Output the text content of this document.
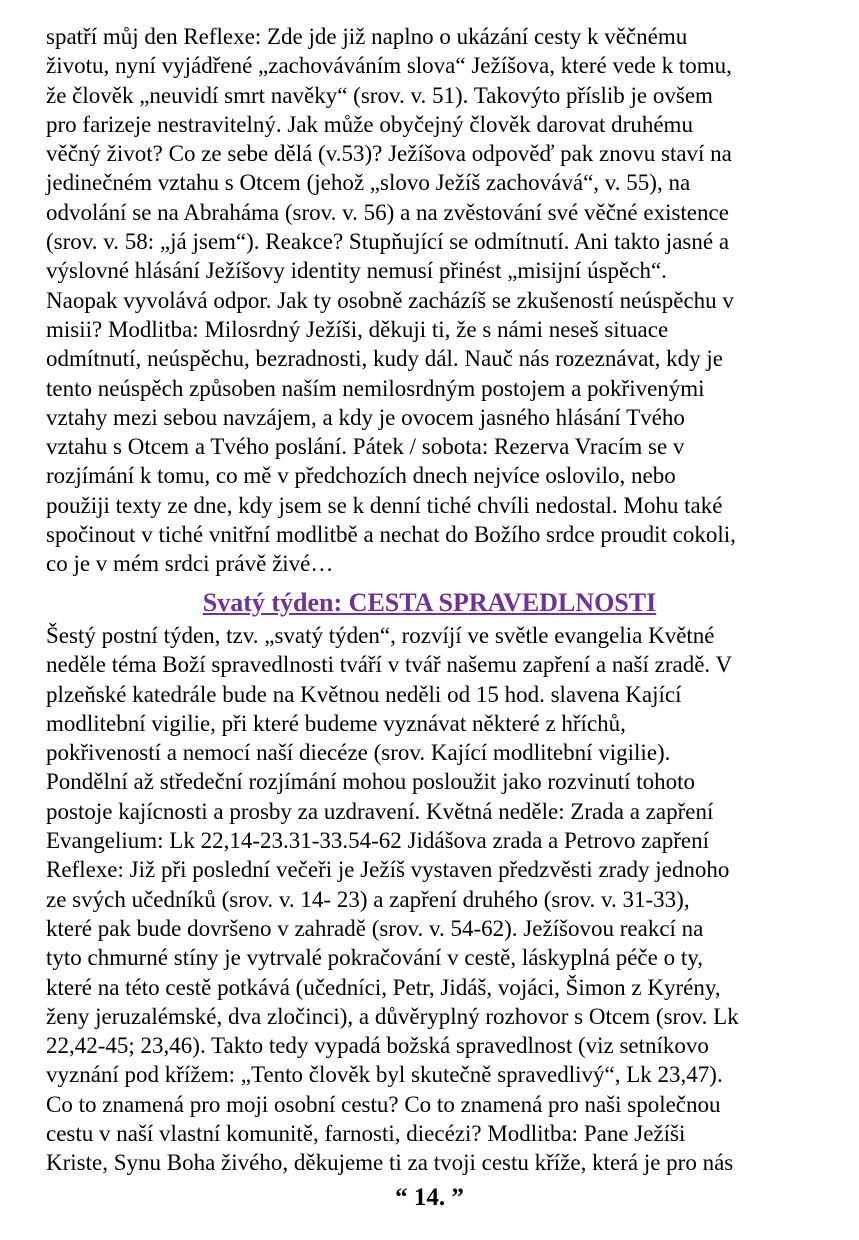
spatří můj den Reflexe: Zde jde již naplno o ukázání cesty k věčnému
životu, nyní vyjádřené „zachováváním slova“ Ježíšova, které vede k tomu,
že člověk „neuvidí smrt navěky“ (srov. v. 51). Takovýto příslib je ovšem
pro farizeje nestravitelný. Jak může obyčejný člověk darovat druhému
věčný život? Co ze sebe dělá (v.53)? Ježíšova odpověď pak znovu staví na
jedinečném vztahu s Otcem (jehož „slovo Ježíš zachovává“, v. 55), na
odvolání se na Abraháma (srov. v. 56) a na zvěstování své věčné existence
(srov. v. 58: „já jsem“). Reakce? Stupňující se odmítnutí. Ani takto jasné a
výslovné hlásání Ježíšovy identity nemusí přinést „misijní úspěch“.
Naopak vyvolává odpor. Jak ty osobně zacházíš se zkušeností neúspěchu v
misii? Modlitba: Milosrdný Ježíši, děkuji ti, že s námi neseš situace
odmítnutí, neúspěchu, bezradnosti, kudy dál. Nauč nás rozeznávat, kdy je
tento neúspěch způsoben naším nemilosrdným postojem a pokřivenými
vztahy mezi sebou navzájem, a kdy je ovocem jasného hlásání Tvého
vztahu s Otcem a Tvého poslání. Pátek / sobota: Rezerva Vracím se v
rozjímání k tomu, co mě v předchozích dnech nejvíce oslovilo, nebo
použiji texty ze dne, kdy jsem se k denní tiché chvíli nedostal. Mohu také
spočinout v tiché vnitřní modlitbě a nechat do Božího srdce proudit cokoli,
co je v mém srdci právě živé…
Svatý týden: CESTA SPRAVEDLNOSTI
Šestý postní týden, tzv. „svatý týden“, rozvíjí ve světle evangelia Květné
neděle téma Boží spravedlnosti tváří v tvář našemu zapření a naší zradě. V
plzeňské katedrále bude na Květnou neděli od 15 hod. slavena Kající
modlitební vigilie, při které budeme vyznávat některé z hříchů,
pokřiveností a nemocí naší diecéze (srov. Kající modlitební vigilie).
Pondělní až středeční rozjímání mohou posloužit jako rozvinutí tohoto
postoje kajícnosti a prosby za uzdravení. Květná neděle: Zrada a zapření
Evangelium: Lk 22,14-23.31-33.54-62 Jidášova zrada a Petrovo zapření
Reflexe: Již při poslední večeři je Ježíš vystaven předzvěsti zrady jednoho
ze svých učedníků (srov. v. 14- 23) a zapření druhého (srov. v. 31-33),
které pak bude dovršeno v zahradě (srov. v. 54-62). Ježíšovou reakcí na
tyto chmurné stíny je vytrvalé pokračování v cestě, láskyplná péče o ty,
které na této cestě potkává (učedníci, Petr, Jidáš, vojáci, Šimon z Kyrény,
ženy jeruzalémské, dva zločinci), a důvěryplný rozhovor s Otcem (srov. Lk
22,42-45; 23,46). Takto tedy vypadá božská spravedlnost (viz setníkovo
vyznání pod křížem: „Tento člověk byl skutečně spravedlivý“, Lk 23,47).
Co to znamená pro moji osobní cestu? Co to znamená pro naši společnou
cestu v naší vlastní komunitě, farnosti, diecézi? Modlitba: Pane Ježíši
Kriste, Synu Boha živého, děkujeme ti za tvoji cestu kříže, která je pro nás
“ 14. ”
